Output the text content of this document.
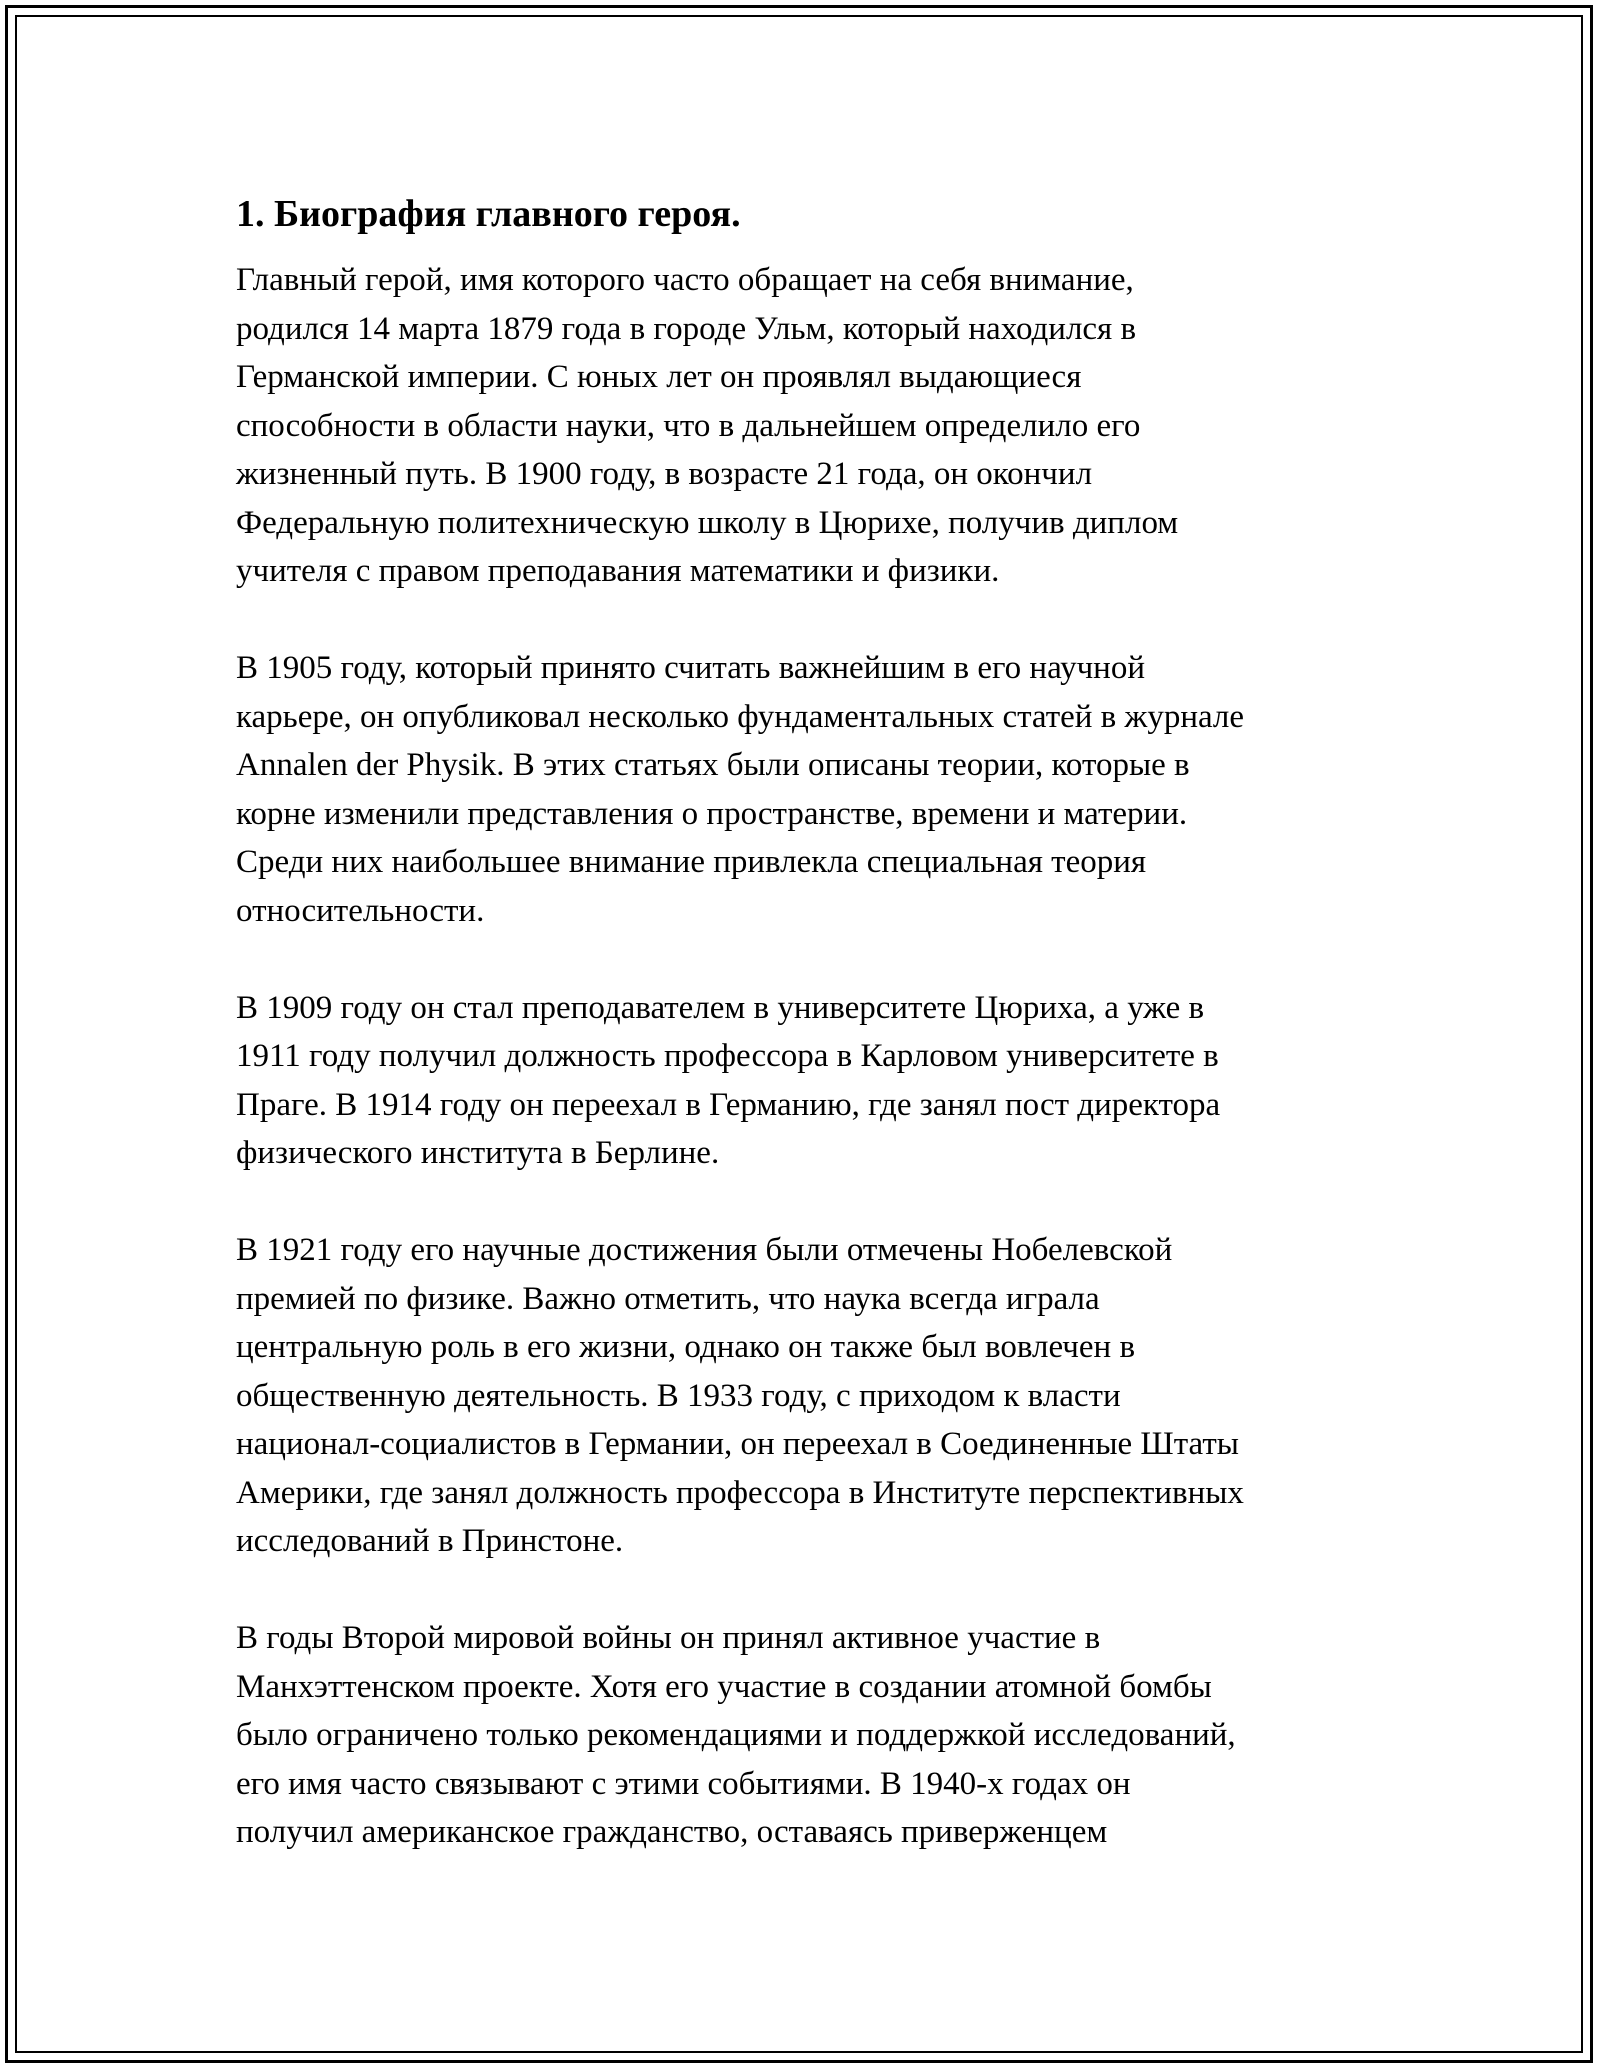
1. Биография главного героя.

Главный герой, имя которого часто обращает на себя внимание,
родился 14 марта 1879 года в городе Ульм, который находился в
Германской империи. С юных лет он проявлял выдающиеся
способности в области науки, что в дальнейшем определило его
жизненный путь. В 1900 году, в возрасте 21 года, он окончил
Федеральную политехническую школу в Цюрихе, получив диплом
учителя с правом преподавания математики и физики.

В 1905 году, который принято считать важнейшим в его научной
карьере, он опубликовал несколько фундаментальных статей в журнале
Annalen der Physik. В этих статьях были описаны теории, которые в
корне изменили представления о пространстве, времени и материи.
Среди них наибольшее внимание привлекла специальная теория
относительности.

В 1909 году он стал преподавателем в университете Цюриха, а уже в
1911 году получил должность профессора в Карловом университете в
Праге. В 1914 году он переехал в Германию, где занял пост директора
физического института в Берлине.

В 1921 году его научные достижения были отмечены Нобелевской
премией по физике. Важно отметить, что наука всегда играла
центральную роль в его жизни, однако он также был вовлечен в
общественную деятельность. В 1933 году, с приходом к власти
национал-социалистов в Германии, он переехал в Соединенные Штаты
Америки, где занял должность профессора в Институте перспективных
исследований в Принстоне.

В годы Второй мировой войны он принял активное участие в
Манхэттенском проекте. Хотя его участие в создании атомной бомбы
было ограничено только рекомендациями и поддержкой исследований,
его имя часто связывают с этими событиями. В 1940-х годах он
получил американское гражданство, оставаясь приверженцем
